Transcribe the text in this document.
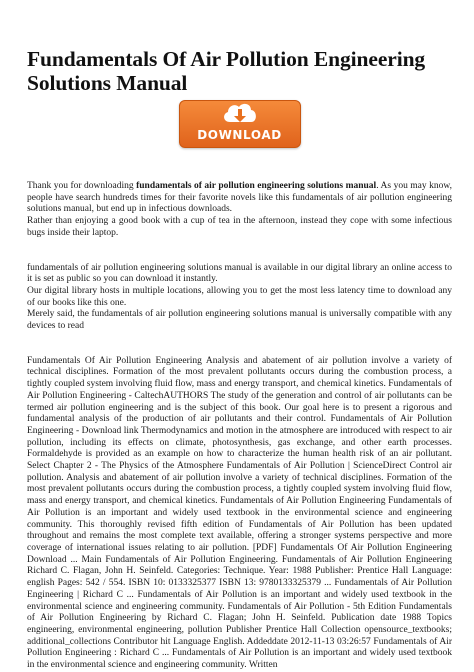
Fundamentals Of Air Pollution Engineering Solutions Manual
DOWNLOAD

Thank you for downloading fundamentals of air pollution engineering solutions manual. As you may know, people have search hundreds times for their favorite novels like this fundamentals of air pollution engineering solutions manual, but end up in infectious downloads.
Rather than enjoying a good book with a cup of tea in the afternoon, instead they cope with some infectious bugs inside their laptop.

fundamentals of air pollution engineering solutions manual is available in our digital library an online access to it is set as public so you can download it instantly.
Our digital library hosts in multiple locations, allowing you to get the most less latency time to download any of our books like this one.
Merely said, the fundamentals of air pollution engineering solutions manual is universally compatible with any devices to read

Fundamentals Of Air Pollution Engineering Analysis and abatement of air pollution involve a variety of technical disciplines. Formation of the most prevalent pollutants occurs during the combustion process, a tightly coupled system involving fluid flow, mass and energy transport, and chemical kinetics. Fundamentals of Air Pollution Engineering - CaltechAUTHORS The study of the generation and control of air pollutants can be termed air pollution engineering and is the subject of this book. Our goal here is to present a rigorous and fundamental analysis of the production of air pollutants and their control. Fundamentals of Air Pollution Engineering - Download link Thermodynamics and motion in the atmosphere are introduced with respect to air pollution, including its effects on climate, photosynthesis, gas exchange, and other earth processes. Formaldehyde is provided as an example on how to characterize the human health risk of an air pollutant. Select Chapter 2 - The Physics of the Atmosphere Fundamentals of Air Pollution | ScienceDirect Control air pollution. Analysis and abatement of air pollution involve a variety of technical disciplines. Formation of the most prevalent pollutants occurs during the combustion process, a tightly coupled system involving fluid flow, mass and energy transport, and chemical kinetics. Fundamentals of Air Pollution Engineering Fundamentals of Air Pollution is an important and widely used textbook in the environmental science and engineering community. This thoroughly revised fifth edition of Fundamentals of Air Pollution has been updated throughout and remains the most complete text available, offering a stronger systems perspective and more coverage of international issues relating to air pollution. [PDF] Fundamentals Of Air Pollution Engineering Download ... Main Fundamentals of Air Pollution Engineering. Fundamentals of Air Pollution Engineering Richard C. Flagan, John H. Seinfeld. Categories: Technique. Year: 1988 Publisher: Prentice Hall Language: english Pages: 542 / 554. ISBN 10: 0133325377 ISBN 13: 9780133325379 ... Fundamentals of Air Pollution Engineering | Richard C ... Fundamentals of Air Pollution is an important and widely used textbook in the environmental science and engineering community. Fundamentals of Air Pollution - 5th Edition Fundamentals of Air Pollution Engineering by Richard C. Flagan; John H. Seinfeld. Publication date 1988 Topics engineering, environmental engineering, pollution Publisher Prentice Hall Collection opensource_textbooks; additional_collections Contributor hit Language English. Addeddate 2012-11-13 03:26:57 Fundamentals of Air Pollution Engineering : Richard C ... Fundamentals of Air Pollution is an important and widely used textbook in the environmental science and engineering community. Written
